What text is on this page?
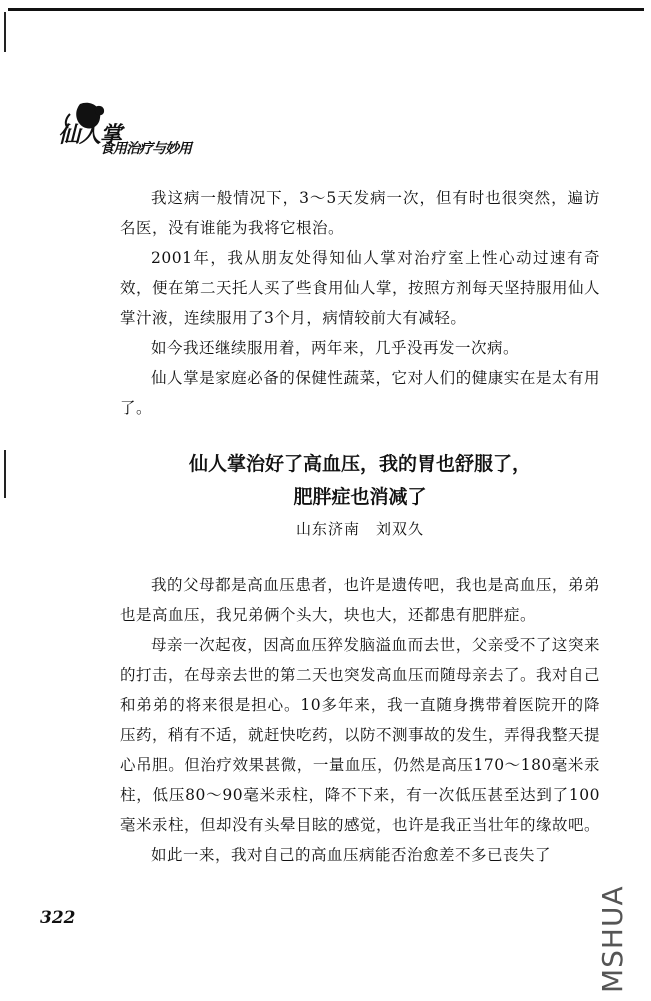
仙人掌
食用治疗与妙用

我这病一般情况下，3～5天发病一次，但有时也很突然，遍访名医，没有谁能为我将它根治。

2001年，我从朋友处得知仙人掌对治疗室上性心动过速有奇效，便在第二天托人买了些食用仙人掌，按照方剂每天坚持服用仙人掌汁液，连续服用了3个月，病情较前大有减轻。

如今我还继续服用着，两年来，几乎没再发一次病。

仙人掌是家庭必备的保健性蔬菜，它对人们的健康实在是太有用了。

仙人掌治好了高血压，我的胃也舒服了，
肥胖症也消减了

山东济南　刘双久

我的父母都是高血压患者，也许是遗传吧，我也是高血压，弟弟也是高血压，我兄弟俩个头大，块也大，还都患有肥胖症。

母亲一次起夜，因高血压猝发脑溢血而去世，父亲受不了这突来的打击，在母亲去世的第二天也突发高血压而随母亲去了。我对自己和弟弟的将来很是担心。10多年来，我一直随身携带着医院开的降压药，稍有不适，就赶快吃药，以防不测事故的发生，弄得我整天提心吊胆。但治疗效果甚微，一量血压，仍然是高压170～180毫米汞柱，低压80～90毫米汞柱，降不下来，有一次低压甚至达到了100毫米汞柱，但却没有头晕目眩的感觉，也许是我正当壮年的缘故吧。

如此一来，我对自己的高血压病能否治愈差不多已丧失了

322	MSHUA
